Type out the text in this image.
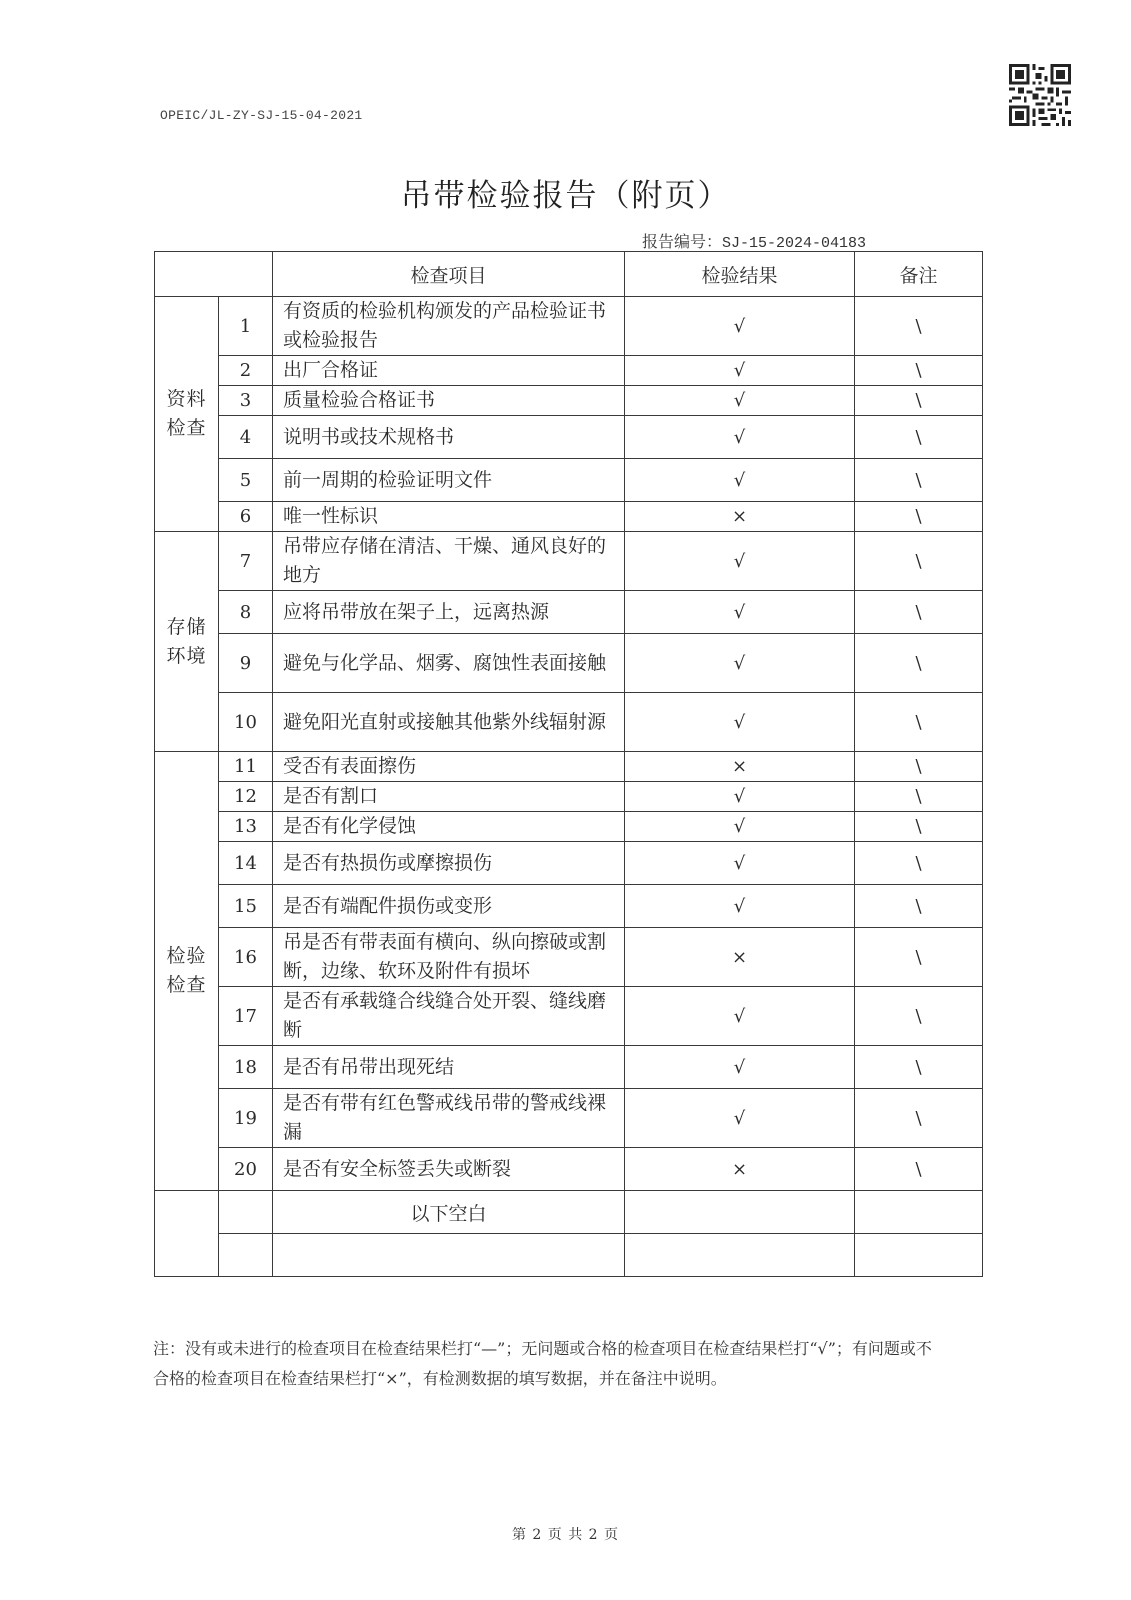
OPEIC/JL-ZY-SJ-15-04-2021
吊带检验报告（附页）
报告编号：SJ-15-2024-04183
		检查项目	检验结果	备注
资料检查	1	有资质的检验机构颁发的产品检验证书或检验报告	√	\
	2	出厂合格证	√	\
	3	质量检验合格证书	√	\
	4	说明书或技术规格书	√	\
	5	前一周期的检验证明文件	√	\
	6	唯一性标识	×	\
存储环境	7	吊带应存储在清洁、干燥、通风良好的地方	√	\
	8	应将吊带放在架子上，远离热源	√	\
	9	避免与化学品、烟雾、腐蚀性表面接触	√	\
	10	避免阳光直射或接触其他紫外线辐射源	√	\
检验检查	11	受否有表面擦伤	×	\
	12	是否有割口	√	\
	13	是否有化学侵蚀	√	\
	14	是否有热损伤或摩擦损伤	√	\
	15	是否有端配件损伤或变形	√	\
	16	吊是否有带表面有横向、纵向擦破或割断，边缘、软环及附件有损坏	×	\
	17	是否有承载缝合线缝合处开裂、缝线磨断	√	\
	18	是否有吊带出现死结	√	\
	19	是否有带有红色警戒线吊带的警戒线裸漏	√	\
	20	是否有安全标签丢失或断裂	×	\
		以下空白		

注：没有或未进行的检查项目在检查结果栏打“—”；无问题或合格的检查项目在检查结果栏打“√”；有问题或不合格的检查项目在检查结果栏打“×”，有检测数据的填写数据，并在备注中说明。
第 2 页 共 2 页
